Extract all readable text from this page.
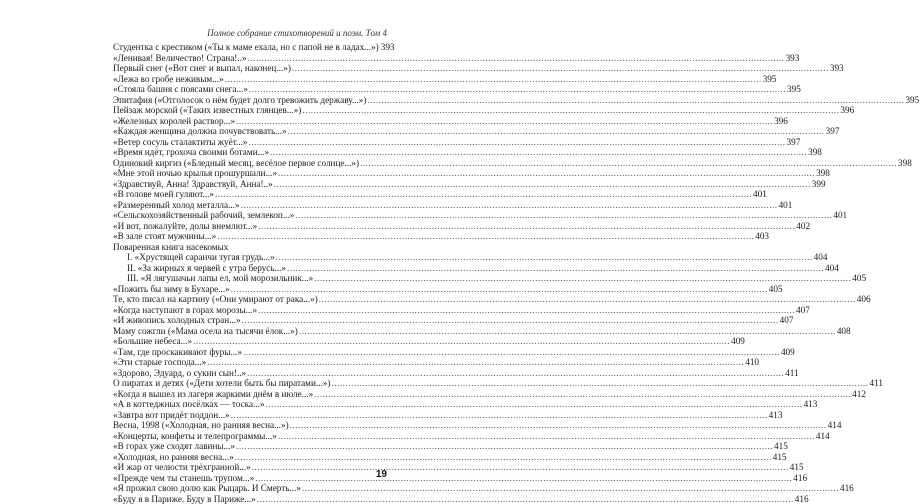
Полное собрание стихотворений и поэм. Том 4
Студентка с крестиком («Ты к маме ехала, но с папой не в ладах...») 393
«Ленивая! Величество! Страна!..» .....	393
Первый снег («Вот снег и выпал, наконец...») .....	393
«Лежа во гробе неживым...» .....	395
«Стояла башня с поясами снега...» .....	395
Эпитафия («Отголосок о нём будет долго тревожить державу...») .....	395
Пейзаж морской («Таких известных глянцев...») .....	396
«Железных королей раствор...» .....	396
«Каждая женщина должна почувствовать...» .....	397
«Ветер сосуль сталактиты жуёт...» .....	397
«Время идёт, грохоча своими ботами...» .....	398
Одинокий киргиз («Бледный месяц, весёлое первое солнце...») .....	398
«Мне этой ночью крылья прошуршали...» .....	398
«Здравствуй, Анна! Здравствуй, Анна!..» .....	399
«В голове моей гуляют...» .....	401
«Размеренный холод металла...» .....	401
«Сельскохозяйственный рабочий, землекоп...» .....	401
«И вот, пожалуйте, долы внемлют...» .....	402
«В зале стоят мужчины...» .....	403
Поваренная книга насекомых
I. «Хрустящей саранчи тугая грудь...» .....	404
II. «За жирных я червей с утра берусь...» .....	404
III. «Я лягушачьи лапы ел, мой морозильник...» .....	405
«Пожить бы зиму в Бухаре...» .....	405
Те, кто писал на картину («Они умирают от рака...») .....	406
«Когда наступают в горах морозы...» .....	407
«И живопись холодных стран...» .....	407
Маму сожгли («Мама осела на тысячи ёлок...») .....	408
«Большие небеса...» .....	409
«Там, где проскакивают фуры...» .....	409
«Эти старые господа...» .....	410
«Здорово, Эдуард, о сукин сын!..» .....	411
О пиратах и детях («Дети хотели быть бы пиратами...») .....	411
«Когда я вышел из лагеря жаркими днём в июле...» .....	412
«А в коттеджных посёлках — тоска...» .....	413
«Завтра вот придёт поддон...» .....	413
Весна, 1998 («Холодная, но ранняя весна...») .....	414
«Концерты, конфеты и телепрограммы...» .....	414
«В горах уже сходят лавины...» .....	415
«Холодная, но ранняя весна...» .....	415
«И жар от челюсти трёхгранной...» .....	415
«Прежде чем ты станешь трупом...» .....	416
«Я прожил свою долю как Рыцарь. И Смерть...» .....	416
«Буду я в Париже. Буду в Париже...» .....	416
19
